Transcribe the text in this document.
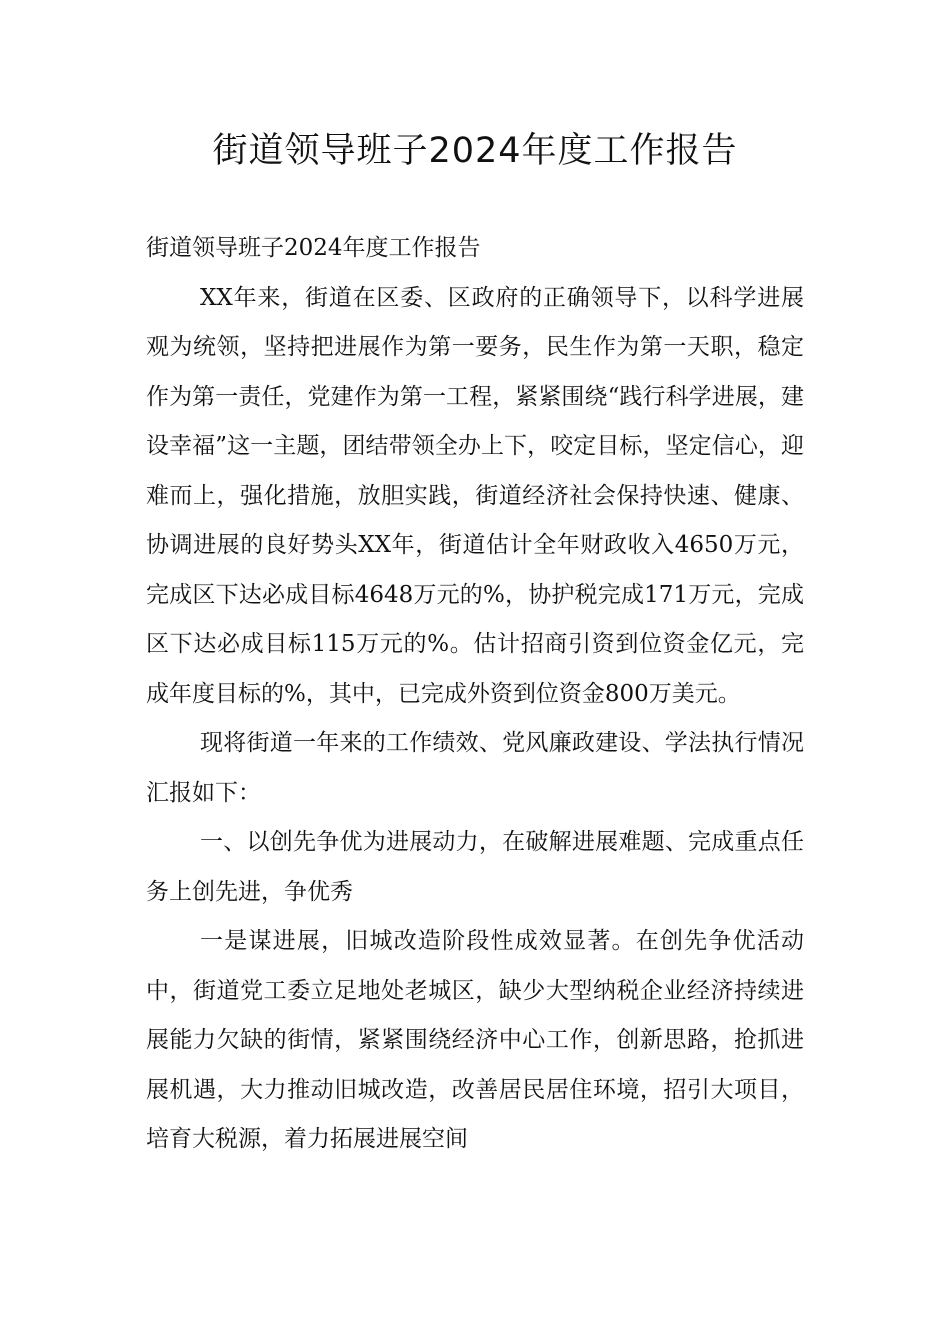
街道领导班子2024年度工作报告

街道领导班子2024年度工作报告

XX年来，街道在区委、区政府的正确领导下，以科学进展观为统领，坚持把进展作为第一要务，民生作为第一天职，稳定作为第一责任，党建作为第一工程，紧紧围绕“践行科学进展，建设幸福”这一主题，团结带领全办上下，咬定目标，坚定信心，迎难而上，强化措施，放胆实践，街道经济社会保持快速、健康、协调进展的良好势头XX年，街道估计全年财政收入4650万元，完成区下达必成目标4648万元的%，协护税完成171万元，完成区下达必成目标115万元的%。估计招商引资到位资金亿元，完成年度目标的%，其中，已完成外资到位资金800万美元。

现将街道一年来的工作绩效、党风廉政建设、学法执行情况汇报如下：

一、以创先争优为进展动力，在破解进展难题、完成重点任务上创先进，争优秀

一是谋进展，旧城改造阶段性成效显著。在创先争优活动中，街道党工委立足地处老城区，缺少大型纳税企业经济持续进展能力欠缺的街情，紧紧围绕经济中心工作，创新思路，抢抓进展机遇，大力推动旧城改造，改善居民居住环境，招引大项目，培育大税源，着力拓展进展空间
